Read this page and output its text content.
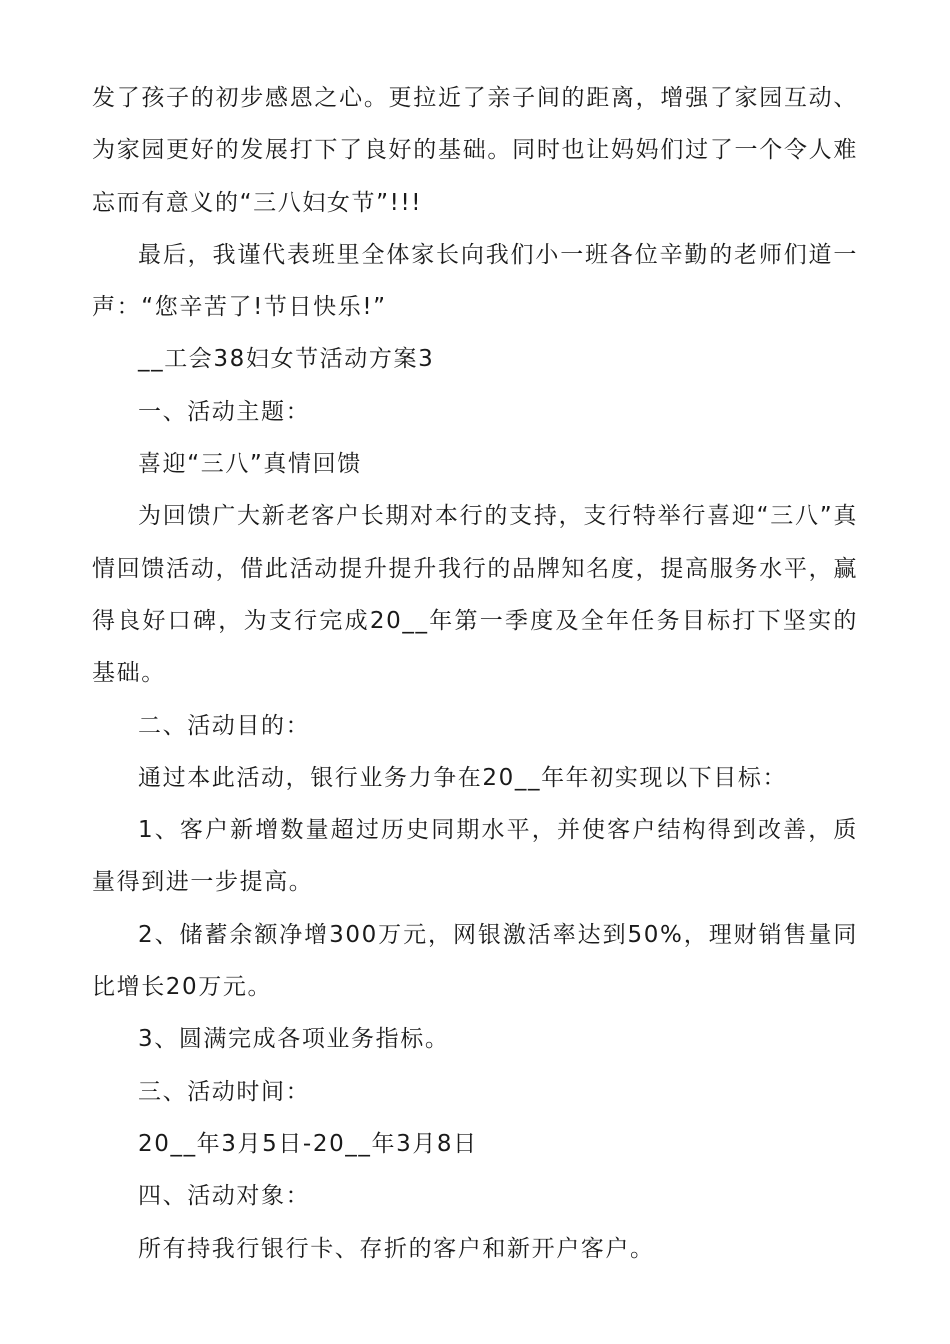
发了孩子的初步感恩之心。更拉近了亲子间的距离，增强了家园互动、为家园更好的发展打下了良好的基础。同时也让妈妈们过了一个令人难忘而有意义的“三八妇女节”!!!

最后，我谨代表班里全体家长向我们小一班各位辛勤的老师们道一声：“您辛苦了!节日快乐!”

__工会38妇女节活动方案3

一、活动主题：

喜迎“三八”真情回馈

为回馈广大新老客户长期对本行的支持，支行特举行喜迎“三八”真情回馈活动，借此活动提升提升我行的品牌知名度，提高服务水平，赢得良好口碑，为支行完成20__年第一季度及全年任务目标打下坚实的基础。

二、活动目的：

通过本此活动，银行业务力争在20__年年初实现以下目标：

1、客户新增数量超过历史同期水平，并使客户结构得到改善，质量得到进一步提高。

2、储蓄余额净增300万元，网银激活率达到50%，理财销售量同比增长20万元。

3、圆满完成各项业务指标。

三、活动时间：

20__年3月5日-20__年3月8日

四、活动对象：

所有持我行银行卡、存折的客户和新开户客户。
